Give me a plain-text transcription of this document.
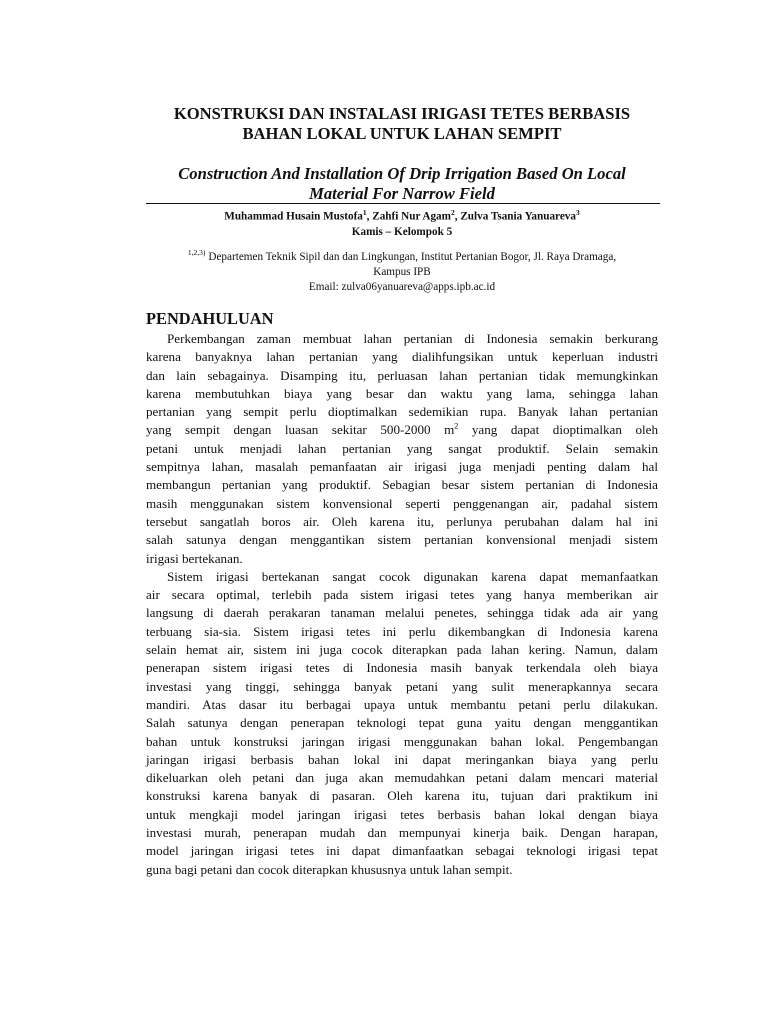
KONSTRUKSI DAN INSTALASI IRIGASI TETES BERBASIS
BAHAN LOKAL UNTUK LAHAN SEMPIT
Construction And Installation Of Drip Irrigation Based On Local
Material For Narrow Field
Muhammad Husain Mustofa$^1$, Zahfi Nur Agam$^2$, Zulva Tsania Yanuareva$^3$
Kamis – Kelompok 5
$^{1,2,3)}$ Departemen Teknik Sipil dan dan Lingkungan, Institut Pertanian Bogor, Jl. Raya Dramaga,
Kampus IPB
Email: zulva06yanuareva@apps.ipb.ac.id
PENDAHULUAN
Perkembangan zaman membuat lahan pertanian di Indonesia semakin berkurang
karena banyaknya lahan pertanian yang dialihfungsikan untuk keperluan industri
dan lain sebagainya. Disamping itu, perluasan lahan pertanian tidak memungkinkan
karena membutuhkan biaya yang besar dan waktu yang lama, sehingga lahan
pertanian yang sempit perlu dioptimalkan sedemikian rupa. Banyak lahan pertanian
yang sempit dengan luasan sekitar 500-2000 $m^2$ yang dapat dioptimalkan oleh
petani untuk menjadi lahan pertanian yang sangat produktif. Selain semakin
sempitnya lahan, masalah pemanfaatan air irigasi juga menjadi penting dalam hal
membangun pertanian yang produktif. Sebagian besar sistem pertanian di Indonesia
masih menggunakan sistem konvensional seperti penggenangan air, padahal sistem
tersebut sangatlah boros air. Oleh karena itu, perlunya perubahan dalam hal ini
salah satunya dengan menggantikan sistem pertanian konvensional menjadi sistem
irigasi bertekanan.
Sistem irigasi bertekanan sangat cocok digunakan karena dapat memanfaatkan
air secara optimal, terlebih pada sistem irigasi tetes yang hanya memberikan air
langsung di daerah perakaran tanaman melalui penetes, sehingga tidak ada air yang
terbuang sia-sia. Sistem irigasi tetes ini perlu dikembangkan di Indonesia karena
selain hemat air, sistem ini juga cocok diterapkan pada lahan kering. Namun, dalam
penerapan sistem irigasi tetes di Indonesia masih banyak terkendala oleh biaya
investasi yang tinggi, sehingga banyak petani yang sulit menerapkannya secara
mandiri. Atas dasar itu berbagai upaya untuk membantu petani perlu dilakukan.
Salah satunya dengan penerapan teknologi tepat guna yaitu dengan menggantikan
bahan untuk konstruksi jaringan irigasi menggunakan bahan lokal. Pengembangan
jaringan irigasi berbasis bahan lokal ini dapat meringankan biaya yang perlu
dikeluarkan oleh petani dan juga akan memudahkan petani dalam mencari material
konstruksi karena banyak di pasaran. Oleh karena itu, tujuan dari praktikum ini
untuk mengkaji model jaringan irigasi tetes berbasis bahan lokal dengan biaya
investasi murah, penerapan mudah dan mempunyai kinerja baik. Dengan harapan,
model jaringan irigasi tetes ini dapat dimanfaatkan sebagai teknologi irigasi tepat
guna bagi petani dan cocok diterapkan khususnya untuk lahan sempit.
